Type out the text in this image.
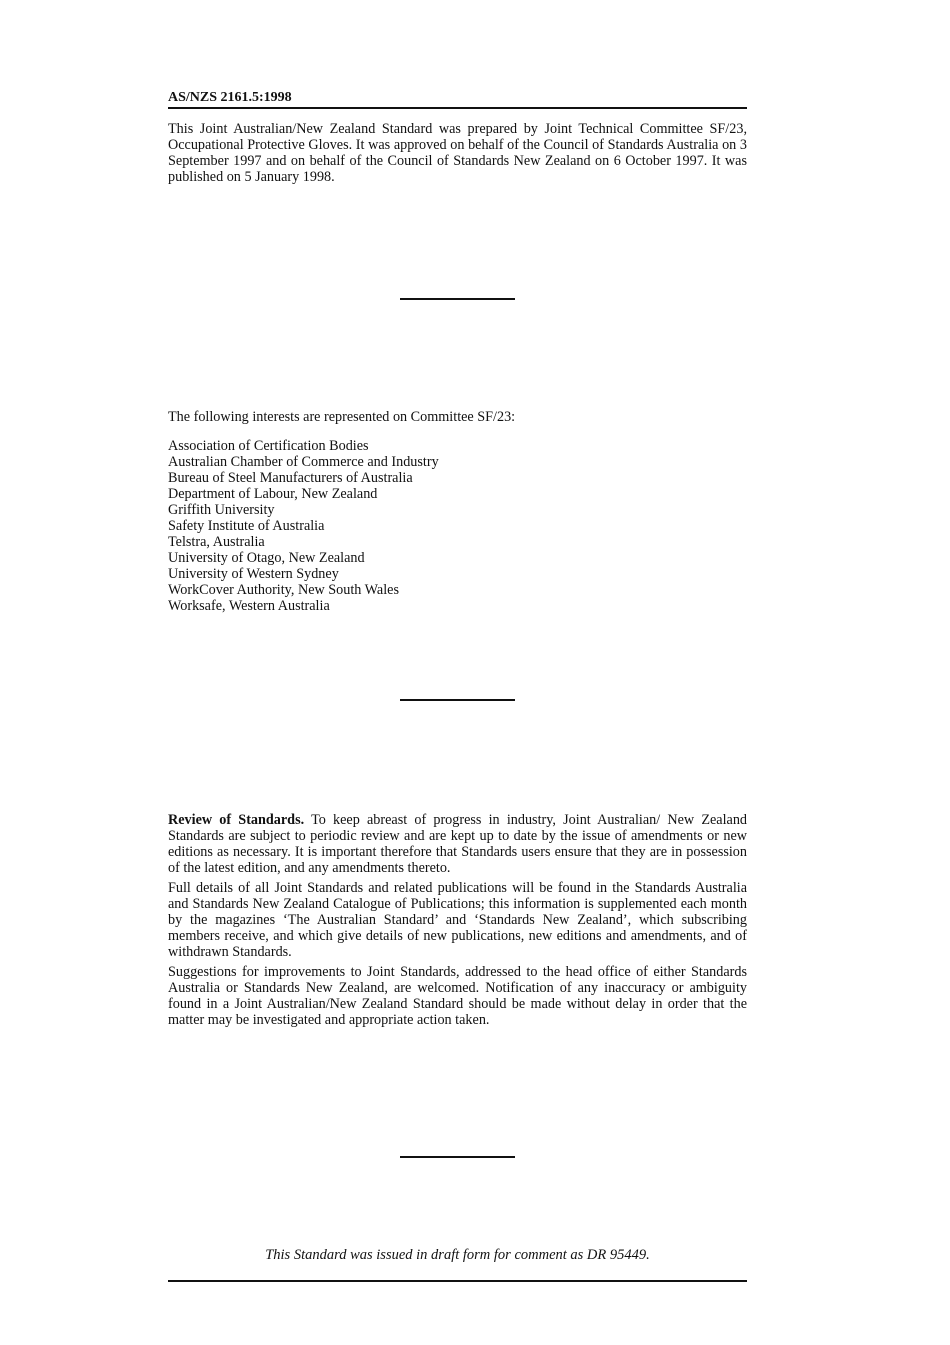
AS/NZS 2161.5:1998

This Joint Australian/New Zealand Standard was prepared by Joint Technical Committee SF/23, Occupational Protective Gloves. It was approved on behalf of the Council of Standards Australia on 3 September 1997 and on behalf of the Council of Standards New Zealand on 6 October 1997. It was published on 5 January 1998.

The following interests are represented on Committee SF/23:

Association of Certification Bodies
Australian Chamber of Commerce and Industry
Bureau of Steel Manufacturers of Australia
Department of Labour, New Zealand
Griffith University
Safety Institute of Australia
Telstra, Australia
University of Otago, New Zealand
University of Western Sydney
WorkCover Authority, New South Wales
Worksafe, Western Australia

Review of Standards. To keep abreast of progress in industry, Joint Australian/ New Zealand Standards are subject to periodic review and are kept up to date by the issue of amendments or new editions as necessary. It is important therefore that Standards users ensure that they are in possession of the latest edition, and any amendments thereto.

Full details of all Joint Standards and related publications will be found in the Standards Australia and Standards New Zealand Catalogue of Publications; this information is supplemented each month by the magazines ‘The Australian Standard’ and ‘Standards New Zealand’, which subscribing members receive, and which give details of new publications, new editions and amendments, and of withdrawn Standards.

Suggestions for improvements to Joint Standards, addressed to the head office of either Standards Australia or Standards New Zealand, are welcomed. Notification of any inaccuracy or ambiguity found in a Joint Australian/New Zealand Standard should be made without delay in order that the matter may be investigated and appropriate action taken.

This Standard was issued in draft form for comment as DR 95449.
